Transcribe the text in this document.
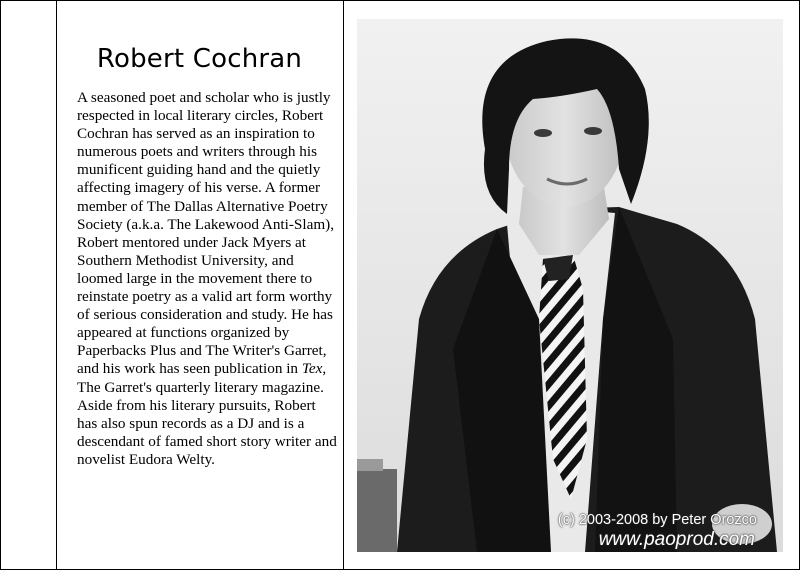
Robert Cochran
A seasoned poet and scholar who is justly respected in local literary circles, Robert Cochran has served as an inspiration to numerous poets and writers through his munificent guiding hand and the quietly affecting imagery of his verse. A former member of The Dallas Alternative Poetry Society (a.k.a. The Lakewood Anti-Slam), Robert mentored under Jack Myers at Southern Methodist University, and loomed large in the movement there to reinstate poetry as a valid art form worthy of serious consideration and study. He has appeared at functions organized by Paperbacks Plus and The Writer's Garret, and his work has seen publication in Tex, The Garret's quarterly literary magazine. Aside from his literary pursuits, Robert has also spun records as a DJ and is a descendant of famed short story writer and novelist Eudora Welty.
(c) 2003-2008 by Peter Orozco
www.paoprod.com
